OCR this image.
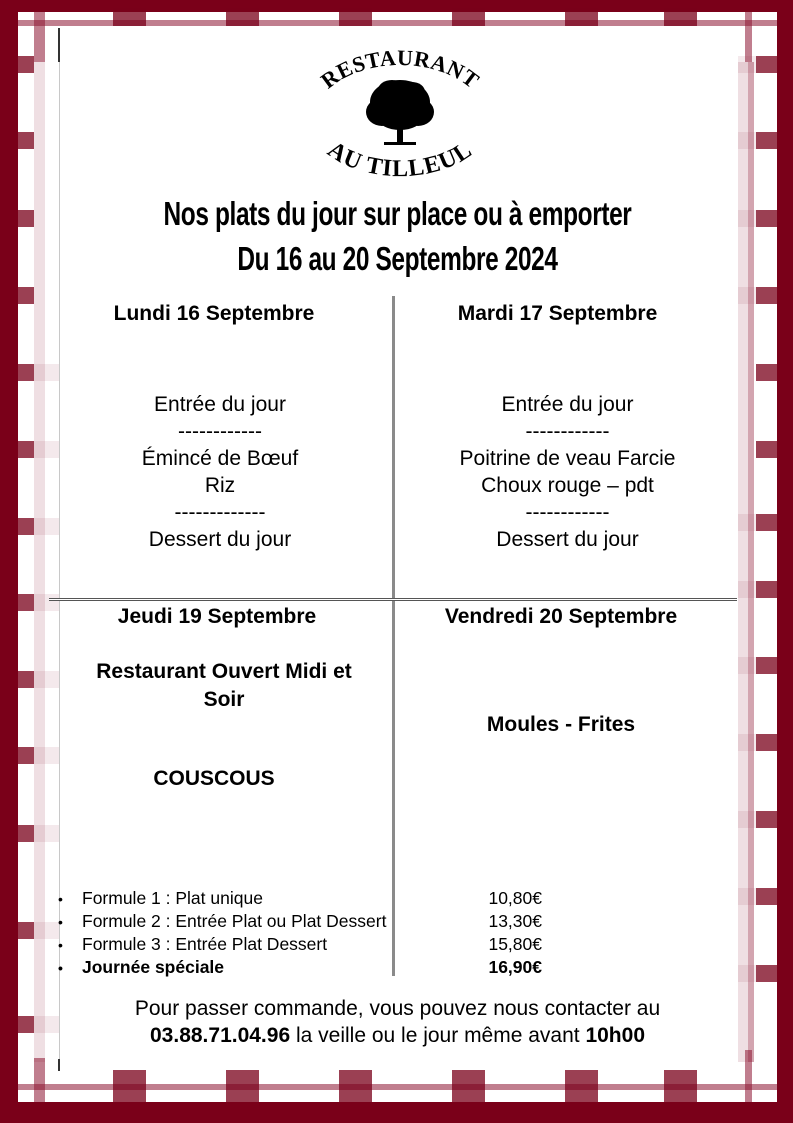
RESTAURANT
AU TILLEUL
Nos plats du jour sur place ou à emporter
Du 16 au 20 Septembre 2024
Lundi 16 Septembre
Entrée du jour
------------
Émincé de Bœuf
Riz
-------------
Dessert du jour
Mardi 17 Septembre
Entrée du jour
------------
Poitrine de veau Farcie
Choux rouge – pdt
------------
Dessert du jour
Jeudi 19 Septembre
Restaurant Ouvert Midi et
Soir
COUSCOUS
Vendredi 20 Septembre
Moules - Frites
•	Formule 1 : Plat unique	10,80€
•	Formule 2 : Entrée Plat ou Plat Dessert	13,30€
•	Formule 3 : Entrée Plat Dessert	15,80€
•	Journée spéciale	16,90€
Pour passer commande, vous pouvez nous contacter au
03.88.71.04.96 la veille ou le jour même avant 10h00
